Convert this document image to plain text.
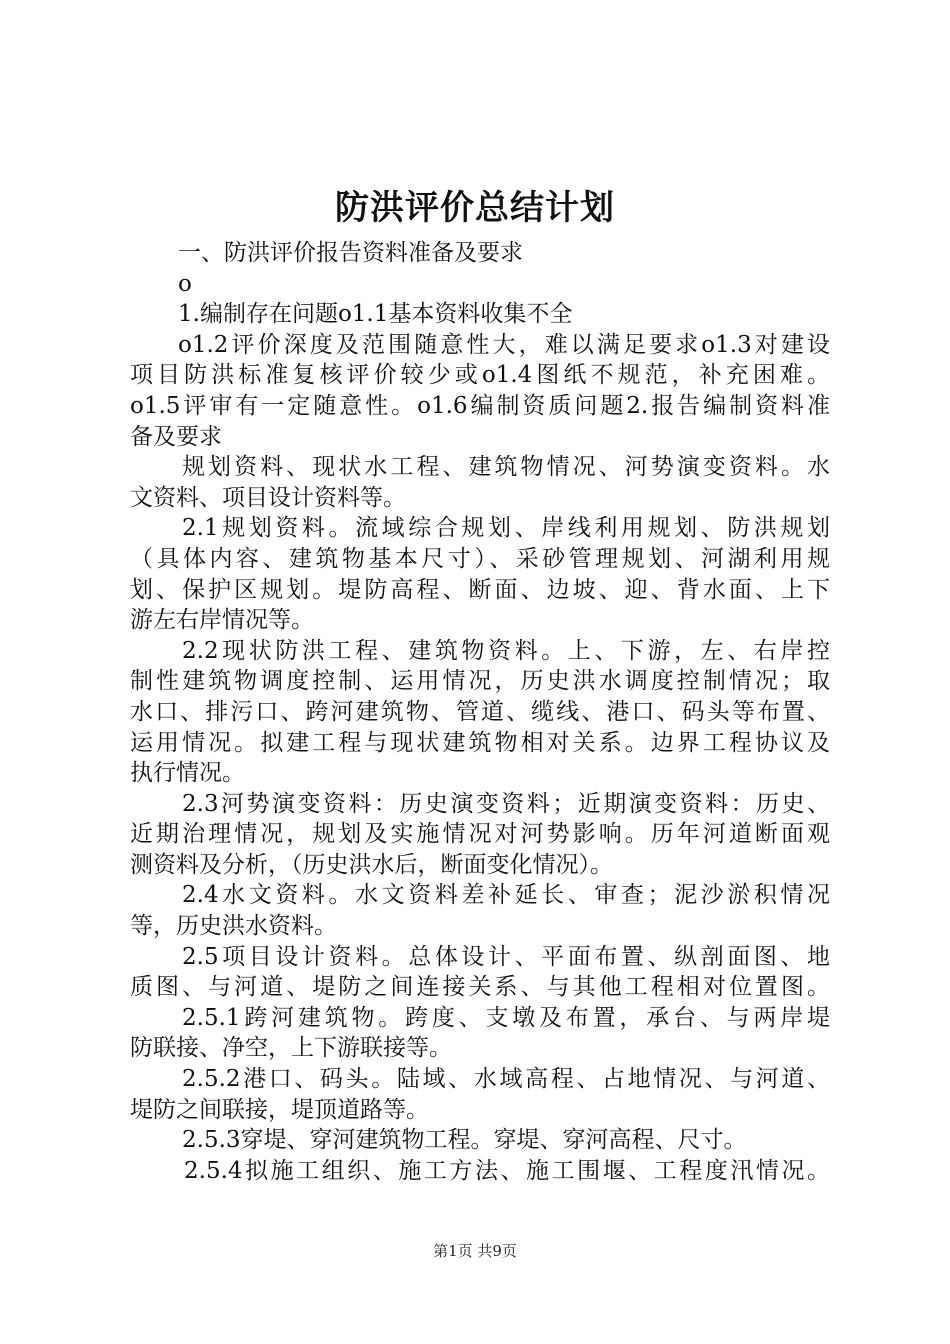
防洪评价总结计划
一、防洪评价报告资料准备及要求
o
1.编制存在问题o1.1基本资料收集不全
o1.2评价深度及范围随意性大，难以满足要求o1.3对建设
项目防洪标准复核评价较少或o1.4图纸不规范，补充困难。
o1.5评审有一定随意性。o1.6编制资质问题2.报告编制资料准
备及要求
规划资料、现状水工程、建筑物情况、河势演变资料。水
文资料、项目设计资料等。
2.1规划资料。流域综合规划、岸线利用规划、防洪规划
（具体内容、建筑物基本尺寸）、采砂管理规划、河湖利用规
划、保护区规划。堤防高程、断面、边坡、迎、背水面、上下
游左右岸情况等。
2.2现状防洪工程、建筑物资料。上、下游，左、右岸控
制性建筑物调度控制、运用情况，历史洪水调度控制情况；取
水口、排污口、跨河建筑物、管道、缆线、港口、码头等布置、
运用情况。拟建工程与现状建筑物相对关系。边界工程协议及
执行情况。
2.3河势演变资料：历史演变资料；近期演变资料：历史、
近期治理情况，规划及实施情况对河势影响。历年河道断面观
测资料及分析，（历史洪水后，断面变化情况）。
2.4水文资料。水文资料差补延长、审查；泥沙淤积情况
等，历史洪水资料。
2.5项目设计资料。总体设计、平面布置、纵剖面图、地
质图、与河道、堤防之间连接关系、与其他工程相对位置图。
2.5.1跨河建筑物。跨度、支墩及布置，承台、与两岸堤
防联接、净空，上下游联接等。
2.5.2港口、码头。陆域、水域高程、占地情况、与河道、
堤防之间联接，堤顶道路等。
2.5.3穿堤、穿河建筑物工程。穿堤、穿河高程、尺寸。
2.5.4拟施工组织、施工方法、施工围堰、工程度汛情况。
第1页 共9页
